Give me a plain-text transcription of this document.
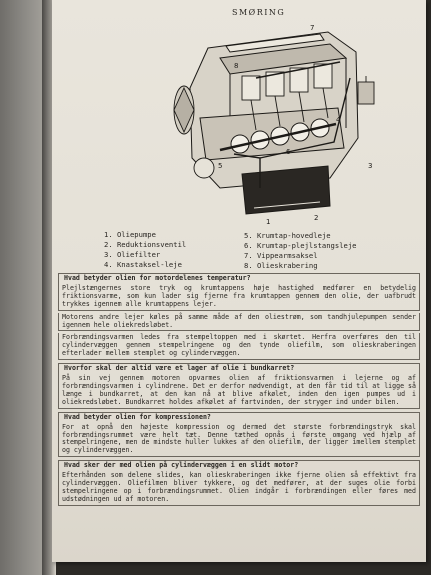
SMØRING
1	2
3
4
5
6
7
8
1. Oliepumpe
2. Reduktionsventil
3. Oliefilter
4. Knastaksel-leje
5. Krumtap-hovedleje
6. Krumtap-plejlstangsleje
7. Vippearmsaksel
8. Olieskrabering
Hvad betyder olien for motordelenes temperatur?
Plejlstængernes store tryk og krumtappens høje hastighed medfører en betydelig friktionsvarme, som kun lader sig fjerne fra krumtappen gennem den olie, der uafbrudt trykkes igennem alle krumtappens lejer.
Motorens andre lejer køles på samme måde af den oliestrøm, som tandhjulepumpen sender igennem hele oliekredsløbet.
Forbrændingsvarmen ledes fra stempeltoppen med i skørtet. Herfra overføres den til cylindervæggen gennem stempelringene og den tynde oliefilm, som olieskraberingen efterlader mellem stemplet og cylindervæggen.
Hvorfor skal der altid være et lager af olie i bundkarret?
På sin vej gennem motoren opvarmes olien af friktionsvarmen i lejerne og af forbrændingsvarmen i cylindrene. Det er derfor nødvendigt, at den får tid til at ligge så længe i bundkarret, at den kan nå at blive afkølet, inden den igen pumpes ud i oliekredsløbet. Bundkarret holdes afkølet af fartvinden, der stryger ind under bilen.
Hvad betyder olien for kompressionen?
For at opnå den højeste kompression og dermed det største forbrændingstryk skal forbrændingsrummet være helt tæt. Denne tæthed opnås i første omgang ved hjælp af stempelringene, men de mindste huller lukkes af den oliefilm, der ligger imellem stemplet og cylindervæggen.
Hvad sker der med olien på cylindervæggen i en slidt motor?
Efterhånden som delene slides, kan olieskraberingen ikke fjerne olien så effektivt fra cylindervæggen. Oliefilmen bliver tykkere, og det medfører, at der suges olie forbi stempelringene op i forbrændingsrummet. Olien indgår i forbrændingen eller føres med udstødningen ud af motoren.
